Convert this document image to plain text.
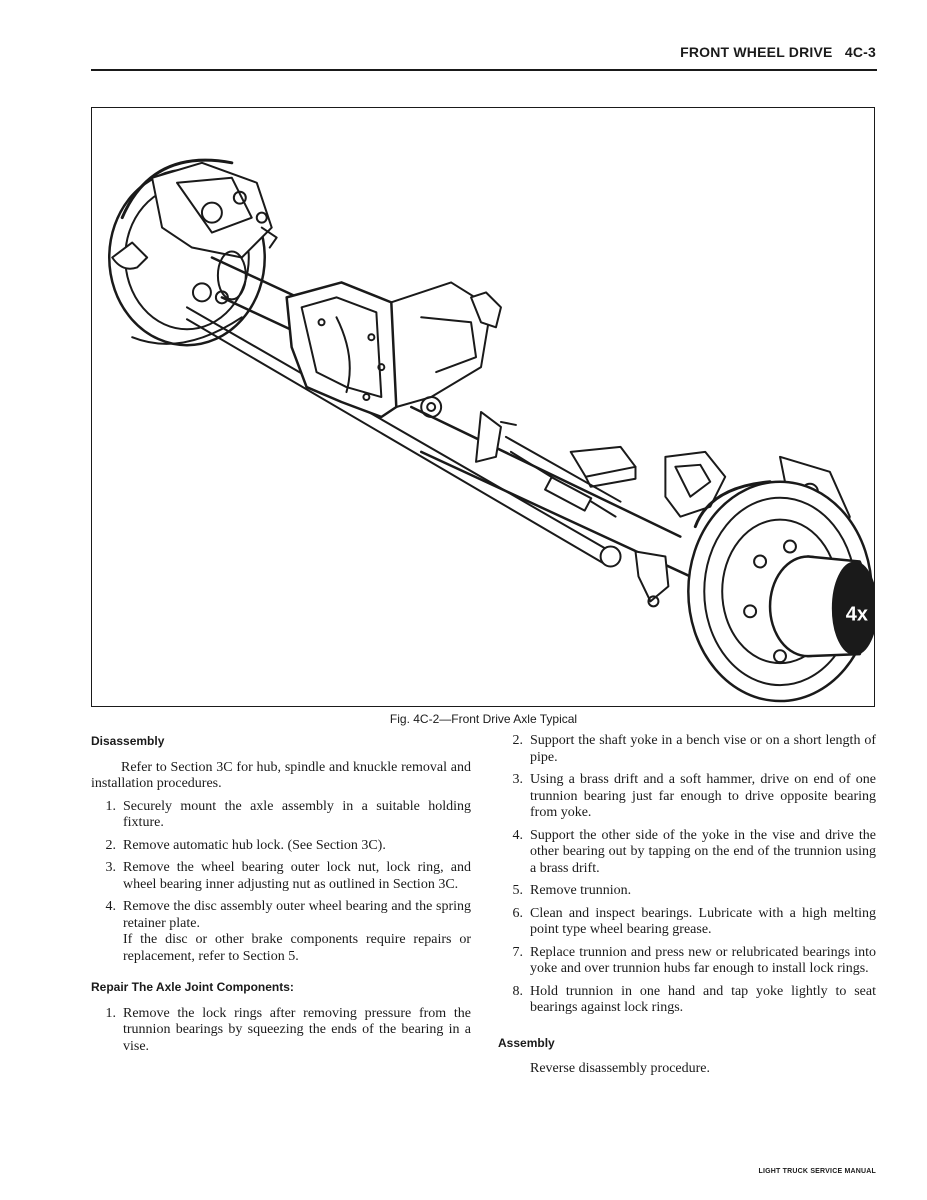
FRONT WHEEL DRIVE   4C-3
4x
Fig. 4C-2—Front Drive Axle Typical
Disassembly

Refer to Section 3C for hub, spindle and knuckle removal and installation procedures.

1. Securely mount the axle assembly in a suitable holding fixture.
2. Remove automatic hub lock. (See Section 3C).
3. Remove the wheel bearing outer lock nut, lock ring, and wheel bearing inner adjusting nut as outlined in Section 3C.
4. Remove the disc assembly outer wheel bearing and the spring retainer plate.

If the disc or other brake components require repairs or replacement, refer to Section 5.

Repair The Axle Joint Components:
1. Remove the lock rings after removing pressure from the trunnion bearings by squeezing the ends of the bearing in a vise.
2. Support the shaft yoke in a bench vise or on a short length of pipe.
3. Using a brass drift and a soft hammer, drive on end of one trunnion bearing just far enough to drive opposite bearing from yoke.
4. Support the other side of the yoke in the vise and drive the other bearing out by tapping on the end of the trunnion using a brass drift.
5. Remove trunnion.
6. Clean and inspect bearings. Lubricate with a high melting point type wheel bearing grease.
7. Replace trunnion and press new or relubricated bearings into yoke and over trunnion hubs far enough to install lock rings.
8. Hold trunnion in one hand and tap yoke lightly to seat bearings against lock rings.
Assembly

Reverse disassembly procedure.

LIGHT TRUCK SERVICE MANUAL
